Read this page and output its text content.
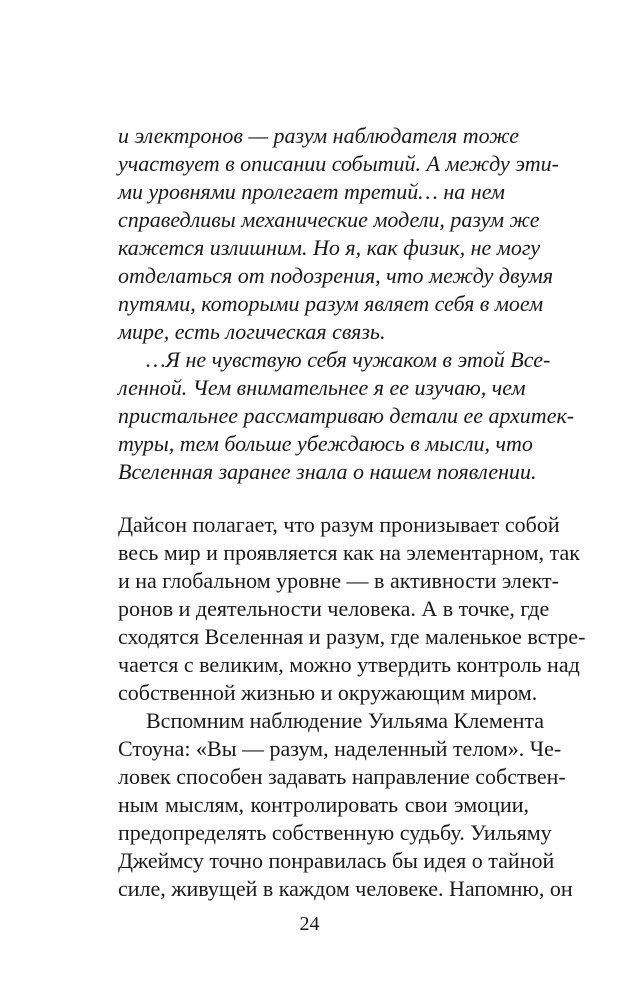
и электронов — разум наблюдателя тоже
участвует в описании событий. А между эти-
ми уровнями пролегает третий… на нем
справедливы механические модели, разум же
кажется излишним. Но я, как физик, не могу
отделаться от подозрения, что между двумя
путями, которыми разум являет себя в моем
мире, есть логическая связь.
…Я не чувствую себя чужаком в этой Все-
ленной. Чем внимательнее я ее изучаю, чем
пристальнее рассматриваю детали ее архитек-
туры, тем больше убеждаюсь в мысли, что
Вселенная заранее знала о нашем появлении.
Дайсон полагает, что разум пронизывает собой
весь мир и проявляется как на элементарном, так
и на глобальном уровне — в активности элект-
ронов и деятельности человека. А в точке, где
сходятся Вселенная и разум, где маленькое встре-
чается с великим, можно утвердить контроль над
собственной жизнью и окружающим миром.
Вспомним наблюдение Уильяма Клемента
Стоуна: «Вы — разум, наделенный телом». Че-
ловек способен задавать направление собствен-
ным мыслям, контролировать свои эмоции,
предопределять собственную судьбу. Уильяму
Джеймсу точно понравилась бы идея о тайной
силе, живущей в каждом человеке. Напомню, он
24
